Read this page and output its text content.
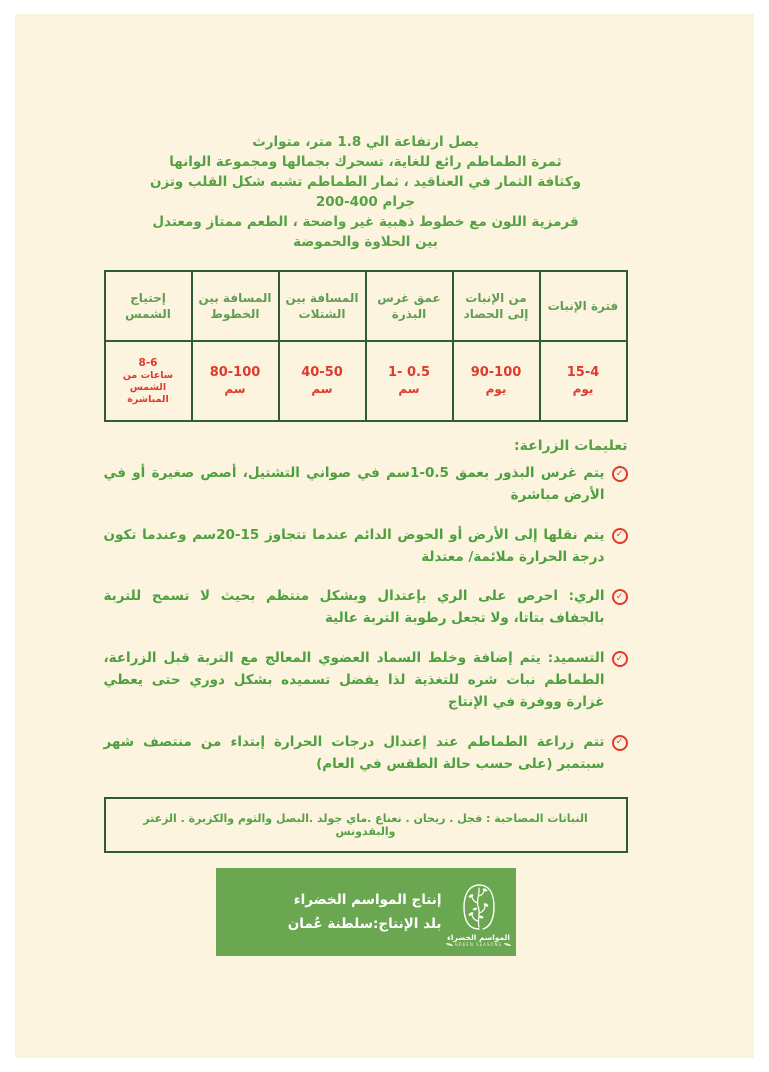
يصل ارتفاعة الي 1.8 متر، متوارث
ثمرة الطماطم رائع للغاية، تسحرك بجمالها ومجموعة الوانها
وكثافة الثمار في العناقيد ، ثمار الطماطم تشبه شكل القلب وتزن
200-400 جرام
قرمزية اللون مع خطوط ذهبية غير واضحة ، الطعم ممتاز ومعتدل
بين الحلاوة والحموضة
فترة الإنبات
من الإنبات إلى الحصاد
عمق غرس البذرة
المسافة بين الشتلات
المسافة بين الخطوط
إحتياج الشمس
15-4
يوم
90-100
يوم
1- 0.5
سم
40-50
سم
80-100
سم
8-6
ساعات من الشمس المباشرة
تعليمات الزراعة:
✓
يتم غرس البذور بعمق 0.5-1سم في صواني التشتيل، أصص صغيرة أو في الأرض مباشرة
✓
يتم نقلها إلى الأرض أو الحوض الدائم عندما تتجاوز 15-20سم وعندما تكون درجة الحرارة ملائمة/ معتدلة
✓
الري: احرص على الري بإعتدال وبشكل منتظم بحيث لا تسمح للتربة بالجفاف بتاتا، ولا تجعل رطوبة التربة عالية
✓
التسميد: يتم إضافة وخلط السماد العضوي المعالج مع التربة قبل الزراعة، الطماطم نبات شره للتغذية لذا يفضل تسميده بشكل دوري حتى يعطي غزارة ووفرة في الإنتاج
✓
تتم زراعة الطماطم عند إعتدال درجات الحرارة إبتداء من منتصف شهر سبتمبر (على حسب حالة الطقس في العام)
النباتات المصاحبة : فجل . ريحان . نعناع .ماي جولد .البصل والثوم والكزبرة . الزعتر والبقدونس
المواسم الخضراء
GREEN SEASONS
إنتاج المواسم الخضراء
بلد الإنتاج:سلطنة عُمان
